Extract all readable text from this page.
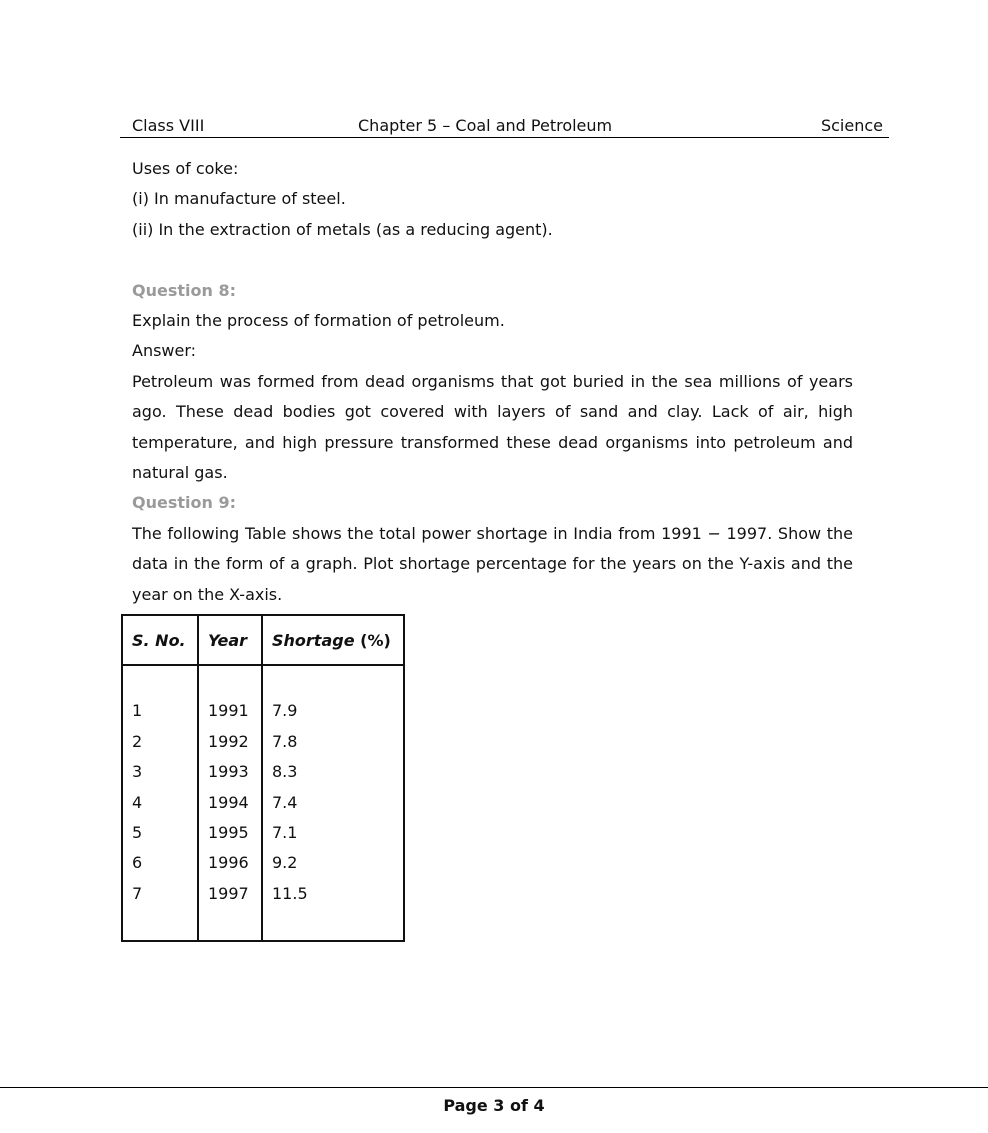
Class VIII	Chapter 5 – Coal and Petroleum	Science

Uses of coke:

(i) In manufacture of steel.

(ii) In the extraction of metals (as a reducing agent).

Question 8:

Explain the process of formation of petroleum.

Answer:

Petroleum was formed from dead organisms that got buried in the sea millions of years ago. These dead bodies got covered with layers of sand and clay. Lack of air, high temperature, and high pressure transformed these dead organisms into petroleum and natural gas.

Question 9:

The following Table shows the total power shortage in India from 1991 − 1997. Show the data in the form of a graph. Plot shortage percentage for the years on the Y-axis and the year on the X-axis.

S. No.	Year	Shortage (%)

1	1991	7.9
2	1992	7.8
3	1993	8.3
4	1994	7.4
5	1995	7.1
6	1996	9.2
7	1997	11.5

Page 3 of 4
